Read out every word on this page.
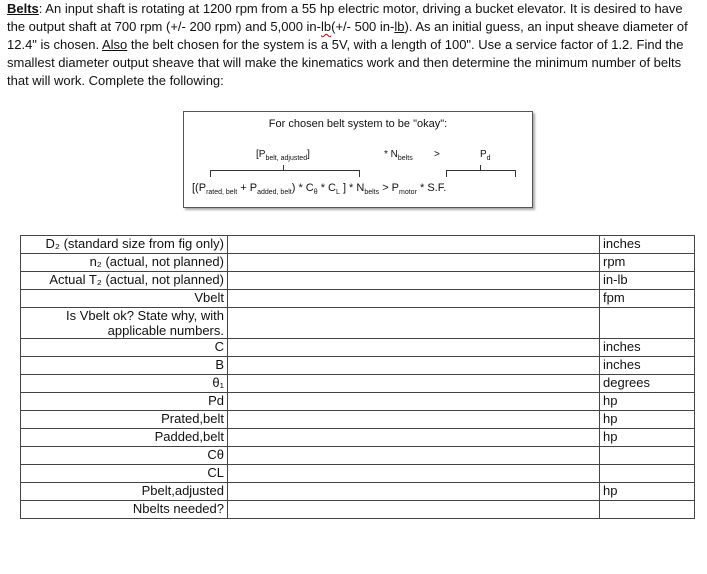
Belts: An input shaft is rotating at 1200 rpm from a 55 hp electric motor, driving a bucket elevator. It is desired to have the output shaft at 700 rpm (+/- 200 rpm) and 5,000 in-lb(+/- 500 in-lb). As an initial guess, an input sheave diameter of 12.4" is chosen. Also the belt chosen for the system is a 5V, with a length of 100". Use a service factor of 1.2. Find the smallest diameter output sheave that will make the kinematics work and then determine the minimum number of belts that will work. Complete the following:
For chosen belt system to be "okay":
$[P_{belt, adjusted}]$	* $N_{belts}$ >	$P_d$
[$(P_{rated, belt} + P_{added, belt}) * C_\theta * C_L$ ] * $N_{belts} > P_{motor} * S.F$.
D₂ (standard size from fig only)		inches
n₂ (actual, not planned)		rpm
Actual T₂ (actual, not planned)		in-lb
Vbelt		fpm
Is Vbelt ok? State why, with
applicable numbers.		
C		inches
B		inches
θ₁		degrees
Pd		hp
Prated,belt		hp
Padded,belt		hp
Cθ		
CL		
Pbelt,adjusted		hp
Nbelts needed?		
